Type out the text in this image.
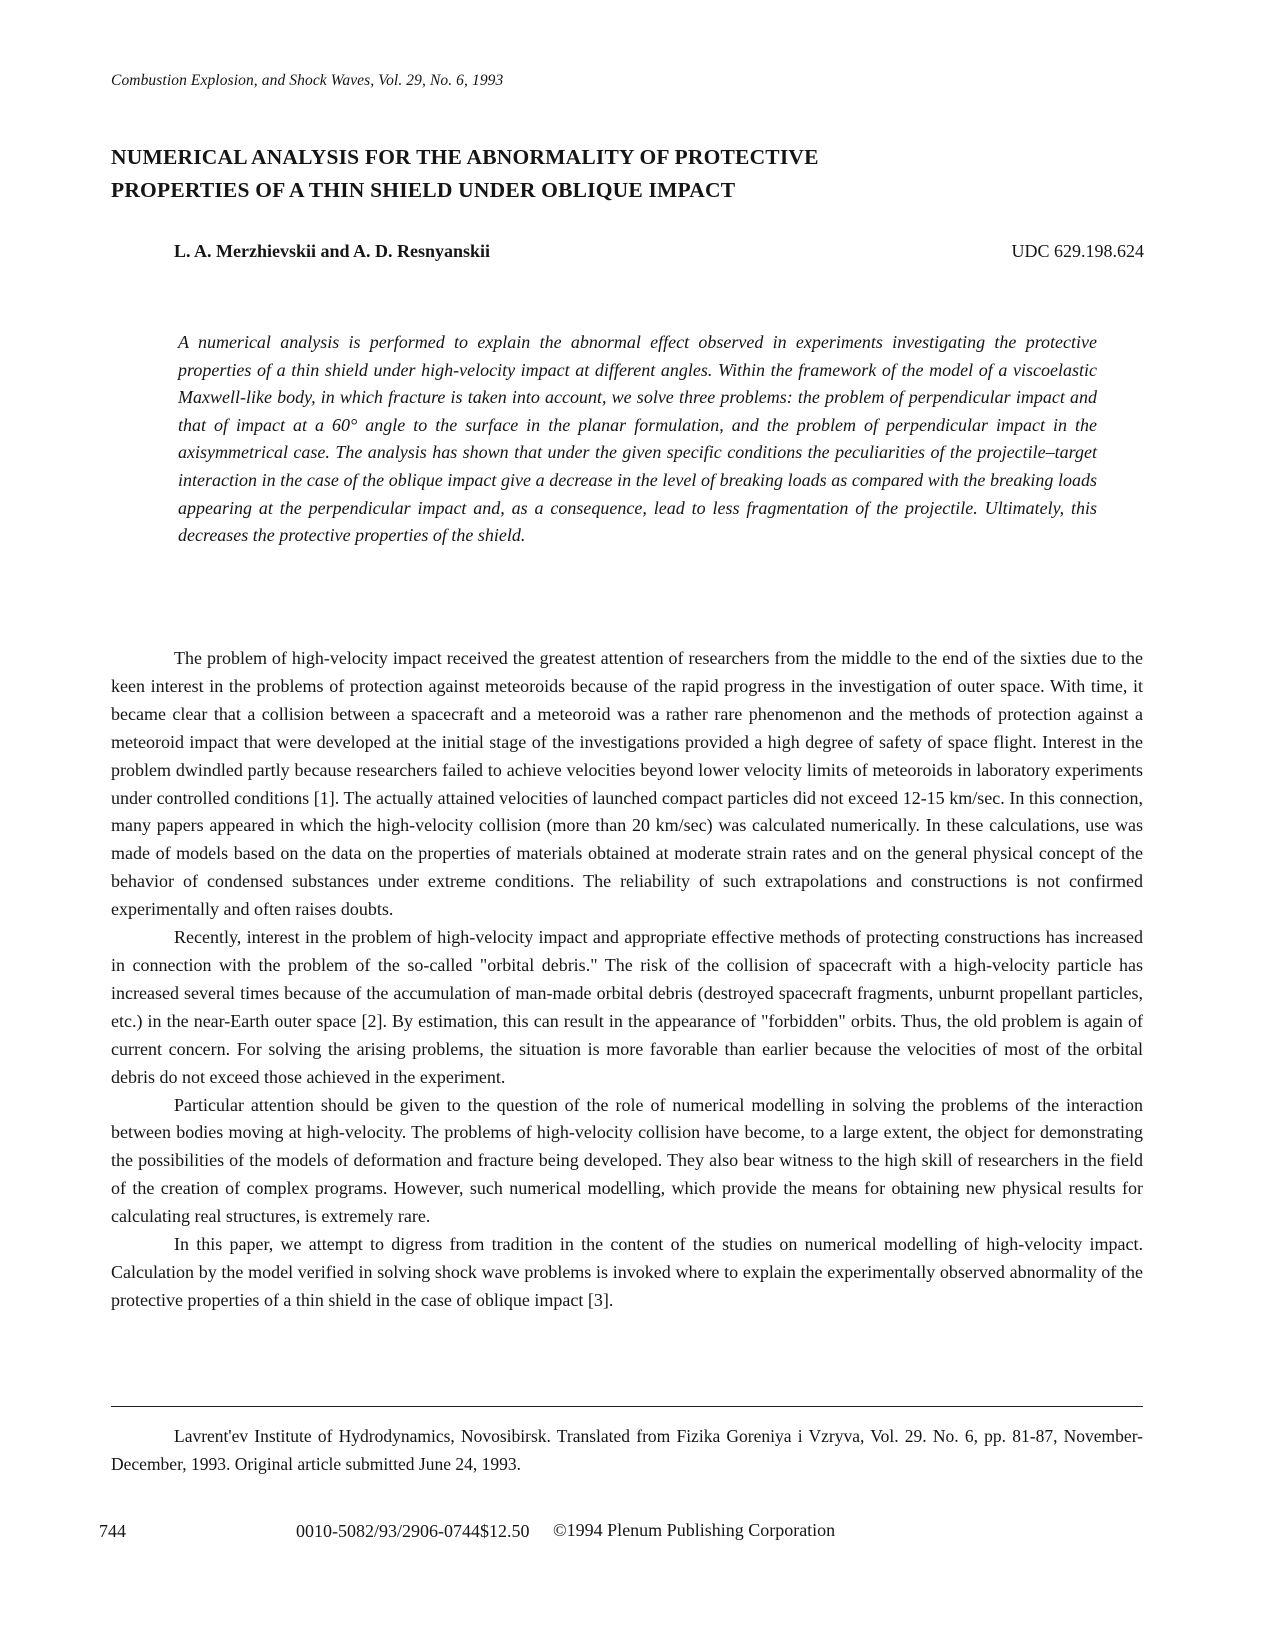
Combustion Explosion, and Shock Waves, Vol. 29, No. 6, 1993
NUMERICAL ANALYSIS FOR THE ABNORMALITY OF PROTECTIVE
PROPERTIES OF A THIN SHIELD UNDER OBLIQUE IMPACT
L. A. Merzhievskii and A. D. Resnyanskii	UDC 629.198.624
A numerical analysis is performed to explain the abnormal effect observed in experiments investigating the protective properties of a thin shield under high-velocity impact at different angles. Within the framework of the model of a viscoelastic Maxwell-like body, in which fracture is taken into account, we solve three problems: the problem of perpendicular impact and that of impact at a 60° angle to the surface in the planar formulation, and the problem of perpendicular impact in the axisymmetrical case. The analysis has shown that under the given specific conditions the peculiarities of the projectile–target interaction in the case of the oblique impact give a decrease in the level of breaking loads as compared with the breaking loads appearing at the perpendicular impact and, as a consequence, lead to less fragmentation of the projectile. Ultimately, this decreases the protective properties of the shield.

The problem of high-velocity impact received the greatest attention of researchers from the middle to the end of the sixties due to the keen interest in the problems of protection against meteoroids because of the rapid progress in the investigation of outer space. With time, it became clear that a collision between a spacecraft and a meteoroid was a rather rare phenomenon and the methods of protection against a meteoroid impact that were developed at the initial stage of the investigations provided a high degree of safety of space flight. Interest in the problem dwindled partly because researchers failed to achieve velocities beyond lower velocity limits of meteoroids in laboratory experiments under controlled conditions [1]. The actually attained velocities of launched compact particles did not exceed 12-15 km/sec. In this connection, many papers appeared in which the high-velocity collision (more than 20 km/sec) was calculated numerically. In these calculations, use was made of models based on the data on the properties of materials obtained at moderate strain rates and on the general physical concept of the behavior of condensed substances under extreme conditions. The reliability of such extrapolations and constructions is not confirmed experimentally and often raises doubts.

Recently, interest in the problem of high-velocity impact and appropriate effective methods of protecting constructions has increased in connection with the problem of the so-called "orbital debris." The risk of the collision of spacecraft with a high-velocity particle has increased several times because of the accumulation of man-made orbital debris (destroyed spacecraft fragments, unburnt propellant particles, etc.) in the near-Earth outer space [2]. By estimation, this can result in the appearance of "forbidden" orbits. Thus, the old problem is again of current concern. For solving the arising problems, the situation is more favorable than earlier because the velocities of most of the orbital debris do not exceed those achieved in the experiment.

Particular attention should be given to the question of the role of numerical modelling in solving the problems of the interaction between bodies moving at high-velocity. The problems of high-velocity collision have become, to a large extent, the object for demonstrating the possibilities of the models of deformation and fracture being developed. They also bear witness to the high skill of researchers in the field of the creation of complex programs. However, such numerical modelling, which provide the means for obtaining new physical results for calculating real structures, is extremely rare.

In this paper, we attempt to digress from tradition in the content of the studies on numerical modelling of high-velocity impact. Calculation by the model verified in solving shock wave problems is invoked where to explain the experimentally observed abnormality of the protective properties of a thin shield in the case of oblique impact [3].

Lavrent'ev Institute of Hydrodynamics, Novosibirsk. Translated from Fizika Goreniya i Vzryva, Vol. 29. No. 6, pp. 81-87, November-December, 1993. Original article submitted June 24, 1993.

744	0010-5082/93/2906-0744$12.50 ©1994 Plenum Publishing Corporation
